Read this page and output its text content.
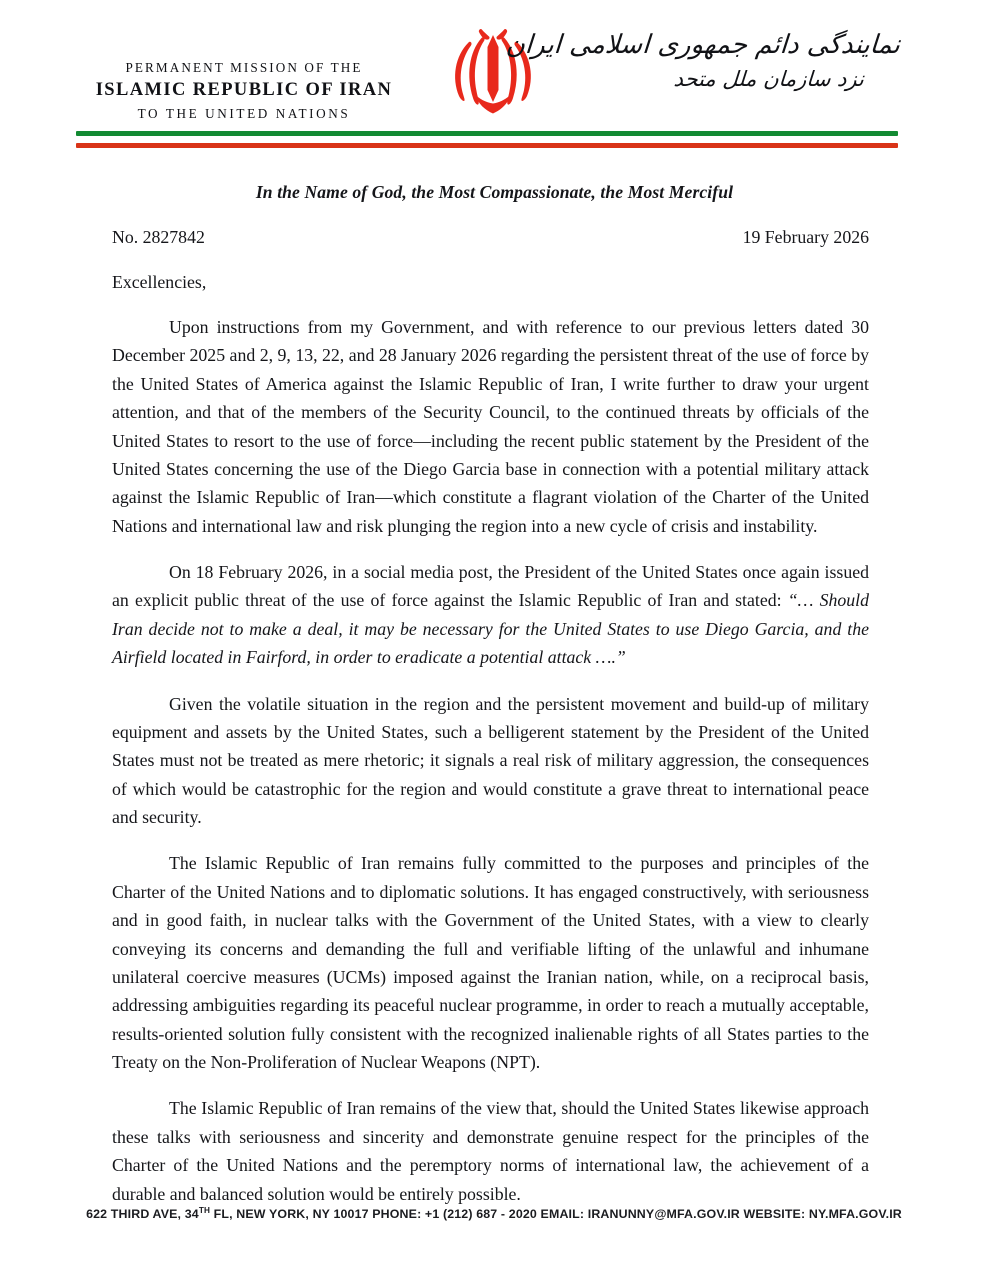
PERMANENT MISSION OF THE
ISLAMIC REPUBLIC OF IRAN
TO THE UNITED NATIONS
نمایندگی دائم جمهوری اسلامی ایران
نزد سازمان ملل متحد
In the Name of God, the Most Compassionate, the Most Merciful
No. 2827842	19 February 2026
Excellencies,

Upon instructions from my Government, and with reference to our previous letters dated 30 December 2025 and 2, 9, 13, 22, and 28 January 2026 regarding the persistent threat of the use of force by the United States of America against the Islamic Republic of Iran, I write further to draw your urgent attention, and that of the members of the Security Council, to the continued threats by officials of the United States to resort to the use of force—including the recent public statement by the President of the United States concerning the use of the Diego Garcia base in connection with a potential military attack against the Islamic Republic of Iran—which constitute a flagrant violation of the Charter of the United Nations and international law and risk plunging the region into a new cycle of crisis and instability.

On 18 February 2026, in a social media post, the President of the United States once again issued an explicit public threat of the use of force against the Islamic Republic of Iran and stated: “… Should Iran decide not to make a deal, it may be necessary for the United States to use Diego Garcia, and the Airfield located in Fairford, in order to eradicate a potential attack ….”

Given the volatile situation in the region and the persistent movement and build-up of military equipment and assets by the United States, such a belligerent statement by the President of the United States must not be treated as mere rhetoric; it signals a real risk of military aggression, the consequences of which would be catastrophic for the region and would constitute a grave threat to international peace and security.

The Islamic Republic of Iran remains fully committed to the purposes and principles of the Charter of the United Nations and to diplomatic solutions. It has engaged constructively, with seriousness and in good faith, in nuclear talks with the Government of the United States, with a view to clearly conveying its concerns and demanding the full and verifiable lifting of the unlawful and inhumane unilateral coercive measures (UCMs) imposed against the Iranian nation, while, on a reciprocal basis, addressing ambiguities regarding its peaceful nuclear programme, in order to reach a mutually acceptable, results-oriented solution fully consistent with the recognized inalienable rights of all States parties to the Treaty on the Non-Proliferation of Nuclear Weapons (NPT).

The Islamic Republic of Iran remains of the view that, should the United States likewise approach these talks with seriousness and sincerity and demonstrate genuine respect for the principles of the Charter of the United Nations and the peremptory norms of international law, the achievement of a durable and balanced solution would be entirely possible.

622 THIRD AVE, 34TH FL, NEW YORK, NY 10017 PHONE: +1 (212) 687 - 2020 EMAIL: IRANUNNY@MFA.GOV.IR WEBSITE: NY.MFA.GOV.IR
